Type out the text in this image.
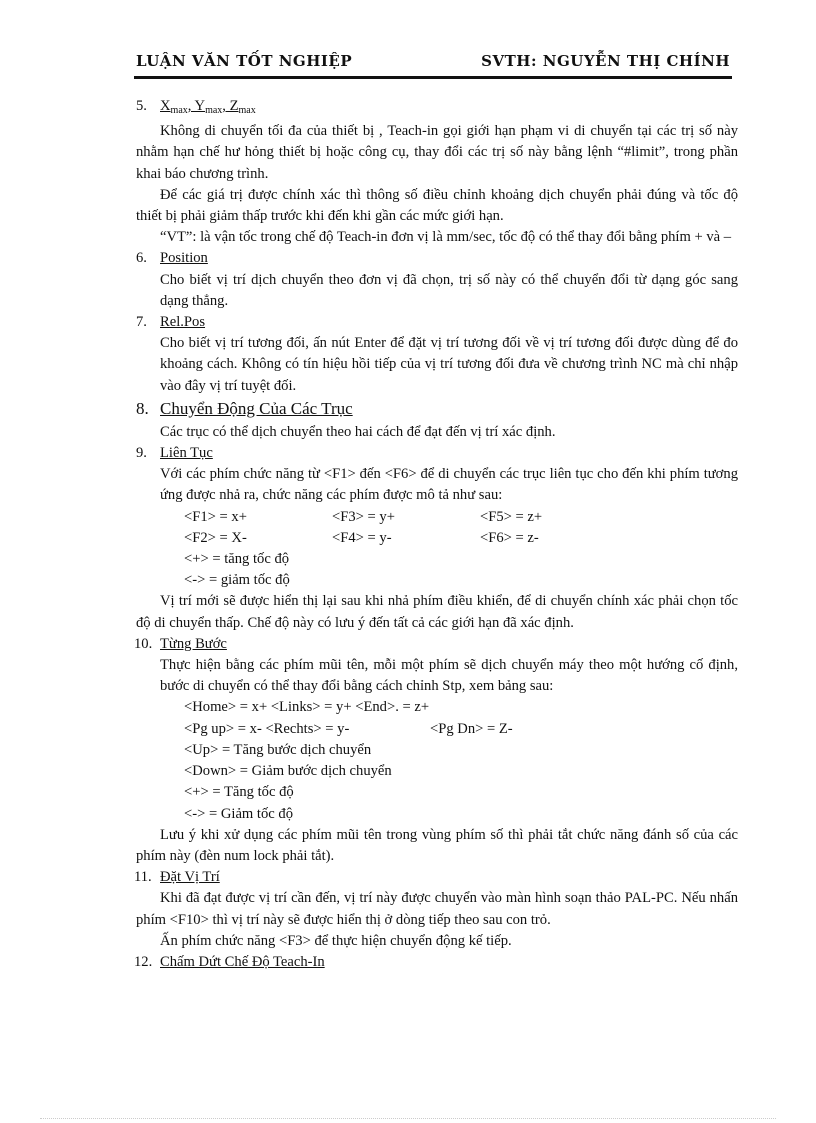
LUẬN VĂN TỐT NGHIỆP	SVTH: NGUYỄN THỊ CHÍNH
5. $X_{max}$, $Y_{max}$, $Z_{max}$
Không di chuyển tối đa của thiết bị , Teach-in gọi giới hạn phạm vi di chuyển tại các trị số này nhằm hạn chế hư hỏng thiết bị hoặc công cụ, thay đổi các trị số này bằng lệnh “#limit”, trong phần khai báo chương trình.
Để các giá trị được chính xác thì thông số điều chỉnh khoảng dịch chuyển phải đúng và tốc độ thiết bị phải giảm thấp trước khi đến khi gần các mức giới hạn.
“VT”: là vận tốc trong chế độ Teach-in đơn vị là mm/sec, tốc độ có thể thay đổi bằng phím + và –
6. Position
Cho biết vị trí dịch chuyển theo đơn vị đã chọn, trị số này có thể chuyển đổi từ dạng góc sang dạng thẳng.
7. Rel.Pos
Cho biết vị trí tương đối, ấn nút Enter để đặt vị trí tương đối về vị trí tương đối được dùng để đo khoảng cách. Không có tín hiệu hồi tiếp của vị trí tương đối đưa về chương trình NC mà chỉ nhập vào đây vị trí tuyệt đối.
8. Chuyển Động Của Các Trục
Các trục có thể dịch chuyển theo hai cách để đạt đến vị trí xác định.
9. Liên Tục
Với các phím chức năng từ <F1> đến <F6> để di chuyển các trục liên tục cho đến khi phím tương ứng được nhả ra, chức năng các phím được mô tả như sau:
<F1> = x+	<F3> = y+	<F5> = z+
<F2> = X-	<F4> = y-	<F6> = z-
<+> = tăng tốc độ
<-> = giảm tốc độ
Vị trí mới sẽ được hiển thị lại sau khi nhả phím điều khiển, để di chuyển chính xác phải chọn tốc độ di chuyển thấp. Chế độ này có lưu ý đến tất cả các giới hạn đã xác định.
10. Từng Bước
Thực hiện bằng các phím mũi tên, mỗi một phím sẽ dịch chuyển máy theo một hướng cố định, bước di chuyển có thể thay đổi bằng cách chỉnh Stp, xem bảng sau:
<Home> = x+ <Links> = y+ <End>. = z+
<Pg up> = x- <Rechts> = y-	<Pg Dn> = Z-
<Up> = Tăng bước dịch chuyển
<Down> = Giảm bước dịch chuyển
<+> = Tăng tốc độ
<-> = Giảm tốc độ
Lưu ý khi xử dụng các phím mũi tên trong vùng phím số thì phải tắt chức năng đánh số của các phím này (đèn num lock phải tắt).
11. Đặt Vị Trí
Khi đã đạt được vị trí cần đến, vị trí này được chuyển vào màn hình soạn thảo PAL-PC. Nếu nhấn phím <F10> thì vị trí này sẽ được hiển thị ở dòng tiếp theo sau con trỏ.
Ấn phím chức năng <F3> để thực hiện chuyển động kế tiếp.
12. Chấm Dứt Chế Độ Teach-In
